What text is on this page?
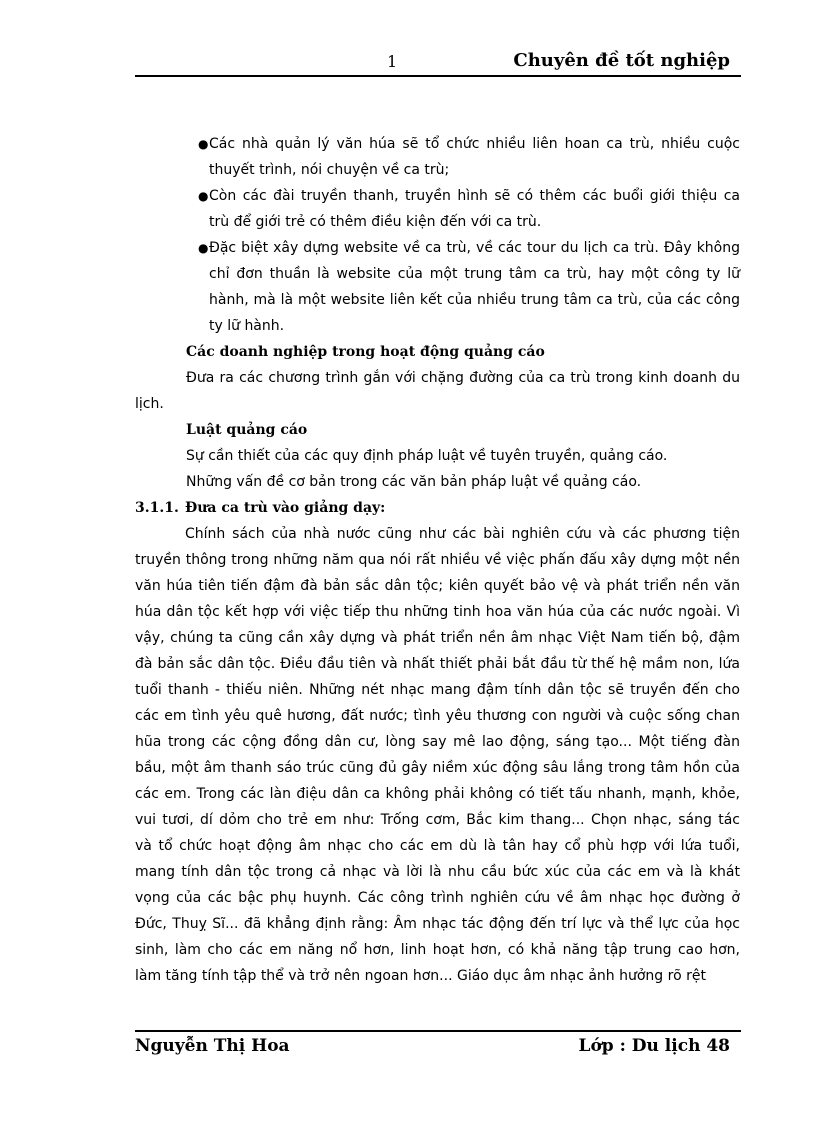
1	Chuyên đề tốt nghiệp
● Các nhà quản lý văn húa sẽ tổ chức nhiều liên hoan ca trù, nhiều cuộc
thuyết trình, nói chuyện về ca trù;
● Còn các đài truyền thanh, truyền hình sẽ có thêm các buổi giới thiệu ca
trù để giới trẻ có thêm điều kiện đến với ca trù.
● Đặc biệt xây dựng website về ca trù, về các tour du lịch ca trù. Đây không
chỉ đơn thuần là website của một trung tâm ca trù, hay một công ty lữ
hành, mà là một website liên kết của nhiều trung tâm ca trù, của các công
ty lữ hành.
Các doanh nghiệp trong hoạt động quảng cáo
Đưa ra các chương trình gắn với chặng đường của ca trù trong kinh doanh du
lịch.
Luật quảng cáo
Sự cần thiết của các quy định pháp luật về tuyên truyền, quảng cáo.
Những vấn đề cơ bản trong các văn bản pháp luật về quảng cáo.
3.1.1. Đưa ca trù vào giảng dạy:
Chính sách của nhà nước cũng như các bài nghiên cứu và các phương tiện
truyền thông trong những năm qua nói rất nhiều về việc phấn đấu xây dựng một nền
văn húa tiên tiến đậm đà bản sắc dân tộc; kiên quyết bảo vệ và phát triển nền văn
húa dân tộc kết hợp với việc tiếp thu những tinh hoa văn húa của các nước ngoài. Vì
vậy, chúng ta cũng cần xây dựng và phát triển nền âm nhạc Việt Nam tiến bộ, đậm
đà bản sắc dân tộc. Điều đầu tiên và nhất thiết phải bắt đầu từ thế hệ mầm non, lứa
tuổi thanh - thiếu niên. Những nét nhạc mang đậm tính dân tộc sẽ truyền đến cho
các em tình yêu quê hương, đất nước; tình yêu thương con người và cuộc sống chan
hũa trong các cộng đồng dân cư, lòng say mê lao động, sáng tạo... Một tiếng đàn
bầu, một âm thanh sáo trúc cũng đủ gây niềm xúc động sâu lắng trong tâm hồn của
các em. Trong các làn điệu dân ca không phải không có tiết tấu nhanh, mạnh, khỏe,
vui tươi, dí dỏm cho trẻ em như: Trống cơm, Bắc kim thang... Chọn nhạc, sáng tác
và tổ chức hoạt động âm nhạc cho các em dù là tân hay cổ phù hợp với lứa tuổi,
mang tính dân tộc trong cả nhạc và lời là nhu cầu bức xúc của các em và là khát
vọng của các bậc phụ huynh. Các công trình nghiên cứu về âm nhạc học đường ở
Đức, Thuỵ Sĩ... đã khẳng định rằng: Âm nhạc tác động đến trí lực và thể lực của học
sinh, làm cho các em năng nổ hơn, linh hoạt hơn, có khả năng tập trung cao hơn,
làm tăng tính tập thể và trở nên ngoan hơn... Giáo dục âm nhạc ảnh hưởng rõ rệt
Nguyễn Thị Hoa	Lớp : Du lịch 48
